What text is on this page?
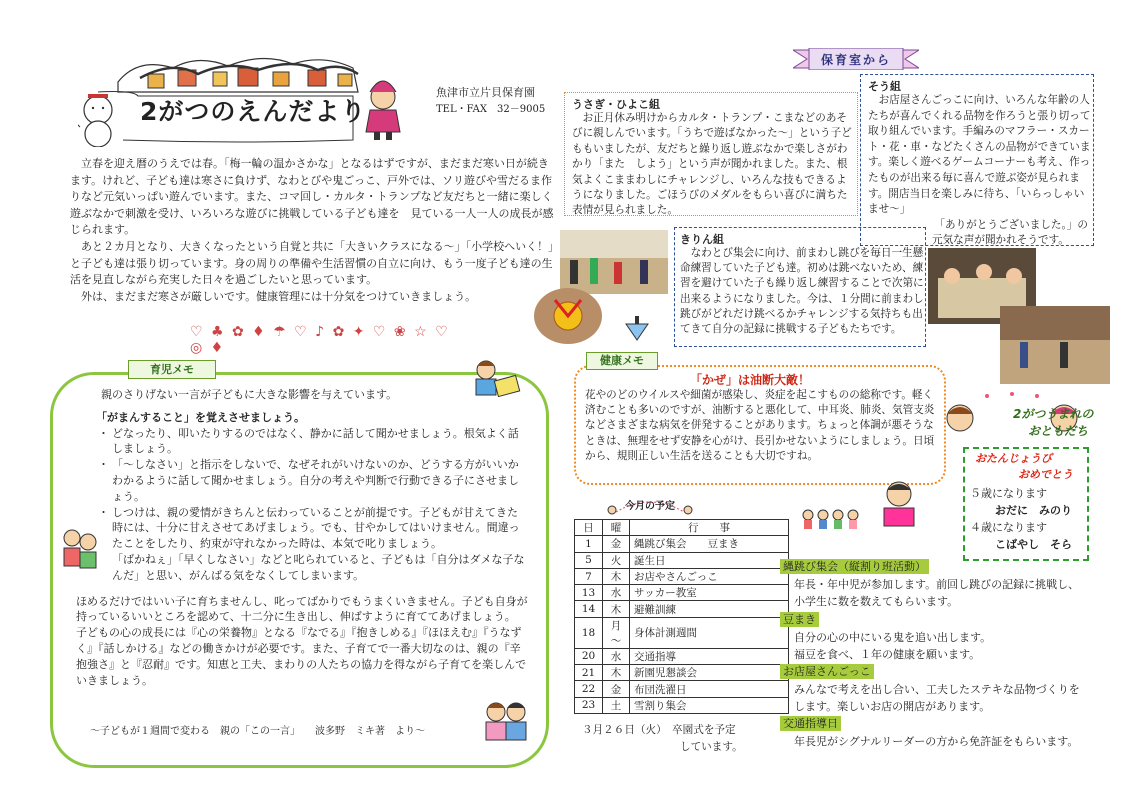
2がつのえんだより
魚津市立片貝保育園
TEL・FAX　32－9005

立春を迎え暦のうえでは春。「梅一輪の温かさかな」となるはずですが、まだまだ寒い日が続きます。けれど、子ども達は寒さに負けず、なわとびや鬼ごっこ、戸外では、ソリ遊びや雪だるま作りなど元気いっぱい遊んでいます。また、コマ回し・カルタ・トランプなど友だちと一緒に楽しく遊ぶなかで刺激を受け、いろいろな遊びに挑戦している子ども達を　見ている一人一人の成長が感じられます。

あと２カ月となり、大きくなったという自覚と共に「大きいクラスになる～」「小学校へいく！」と子ども達は張り切っています。身の周りの準備や生活習慣の自立に向け、もう一度子ども達の生活を見直しながら充実した日々を過ごしたいと思っています。

外は、まだまだ寒さが厳しいです。健康管理には十分気をつけていきましょう。

♡ ♣ ✿ ♦ ☂ ♡ ♪ ✿ ✦ ♡ ❀ ☆ ♡ ◎ ♦
育児メモ

親のさりげない一言が子どもに大きな影響を与えています。

「がまんすること」を覚えさせましょう。

・ どなったり、叩いたりするのではなく、静かに話して聞かせましょう。根気よく話しましょう。
・ 「～しなさい」と指示をしないで、なぜそれがいけないのか、どうする方がいいかわかるように話して聞かせましょう。自分の考えや判断で行動できる子にさせましょう。
・ しつけは、親の愛情がきちんと伝わっていることが前提です。子どもが甘えてきた時には、十分に甘えさせてあげましょう。でも、甘やかしてはいけません。間違ったことをしたり、約束が守れなかった時は、本気で叱りましょう。

「ばかねぇ」「早くしなさい」などと叱られていると、子どもは「自分はダメな子なんだ」と思い、がんばる気をなくしてしまいます。

ほめるだけではいい子に育ちませんし、叱ってばかりでもうまくいきません。子ども自身が持っているいいところを認めて、十二分に生き出し、伸ばすように育ててあげましょう。

子どもの心の成長には『心の栄養物』となる『なでる』『抱きしめる』『ほほえむ』『うなずく』『話しかける』などの働きかけが必要です。また、子育てで一番大切なのは、親の『辛抱強さ』と『忍耐』です。知恵と工夫、まわりの人たちの協力を得ながら子育てを楽しんでいきましょう。

～子どもが１週間で変わる　親の「この一言」　　波多野　ミキ著　より～
保育室から
うさぎ・ひよこ組
お正月休み明けからカルタ・トランプ・こまなどのあそびに親しんでいます。「うちで遊ばなかった～」という子どももいましたが、友だちと繰り返し遊ぶなかで楽しさがわかり「また　しよう」という声が聞かれました。また、根気よくこままわしにチャレンジし、いろんな技もできるようになりました。ごほうびのメダルをもらい喜びに満ちた表情が見られました。
そう組

お店屋さんごっこに向け、いろんな年齢の人たちが喜んでくれる品物を作ろうと張り切って取り組んでいます。手編みのマフラー・スカート・花・車・などたくさんの品物ができています。楽しく遊べるゲームコーナーも考え、作ったものが出来る毎に喜んで遊ぶ姿が見られます。開店当日を楽しみに待ち、「いらっしゃいませ～」

「ありがとうございました。」の

元気な声が聞かれそうです。

きりん組
なわとび集会に向け、前まわし跳びを毎日一生懸命練習していた子ども達。初めは跳べないため、練習を避けていた子も繰り返し練習することで次第に出来るようになりました。今は、１分間に前まわし跳びがどれだけ跳べるかチャレンジする気持ちも出てきて自分の記録に挑戦する子どもたちです。
健康メモ
「かぜ」は油断大敵！
花やのどのウイルスや細菌が感染し、炎症を起こすものの総称です。軽く済むことも多いのですが、油断すると悪化して、中耳炎、肺炎、気管支炎などさまざまな病気を併発することがあります。ちょっと体調が悪そうなときは、無理をせず安静を心がけ、長引かせないようにしましょう。日頃から、規則正しい生活を送ることも大切ですね。
今月の予定
日	曜	行　　事
1	金	縄跳び集会　　豆まき
5	火	誕生日
7	木	お店やさんごっこ
13	水	サッカー教室
14	木	避難訓練
18	月～	身体計測週間
20	水	交通指導
21	木	新園児懇談会
22	金	布団洗濯日
23	土	雪割り集会
３月２６日（火）　卒園式を予定
しています。
2がつうまれの
おともだち
おたんじょうび
おめでとう
５歳になります
おだに　みのり
４歳になります
こばやし　そら
縄跳び集会（縦割り班活動）
年長・年中児が参加します。前回し跳びの記録に挑戦し、
小学生に数を数えてもらいます。
豆まき
自分の心の中にいる鬼を追い出します。
福豆を食べ、１年の健康を願います。
お店屋さんごっこ
みんなで考えを出し合い、工夫したステキな品物づくりを
します。楽しいお店の開店があります。
交通指導日
年長児がシグナルリーダーの方から免許証をもらいます。
